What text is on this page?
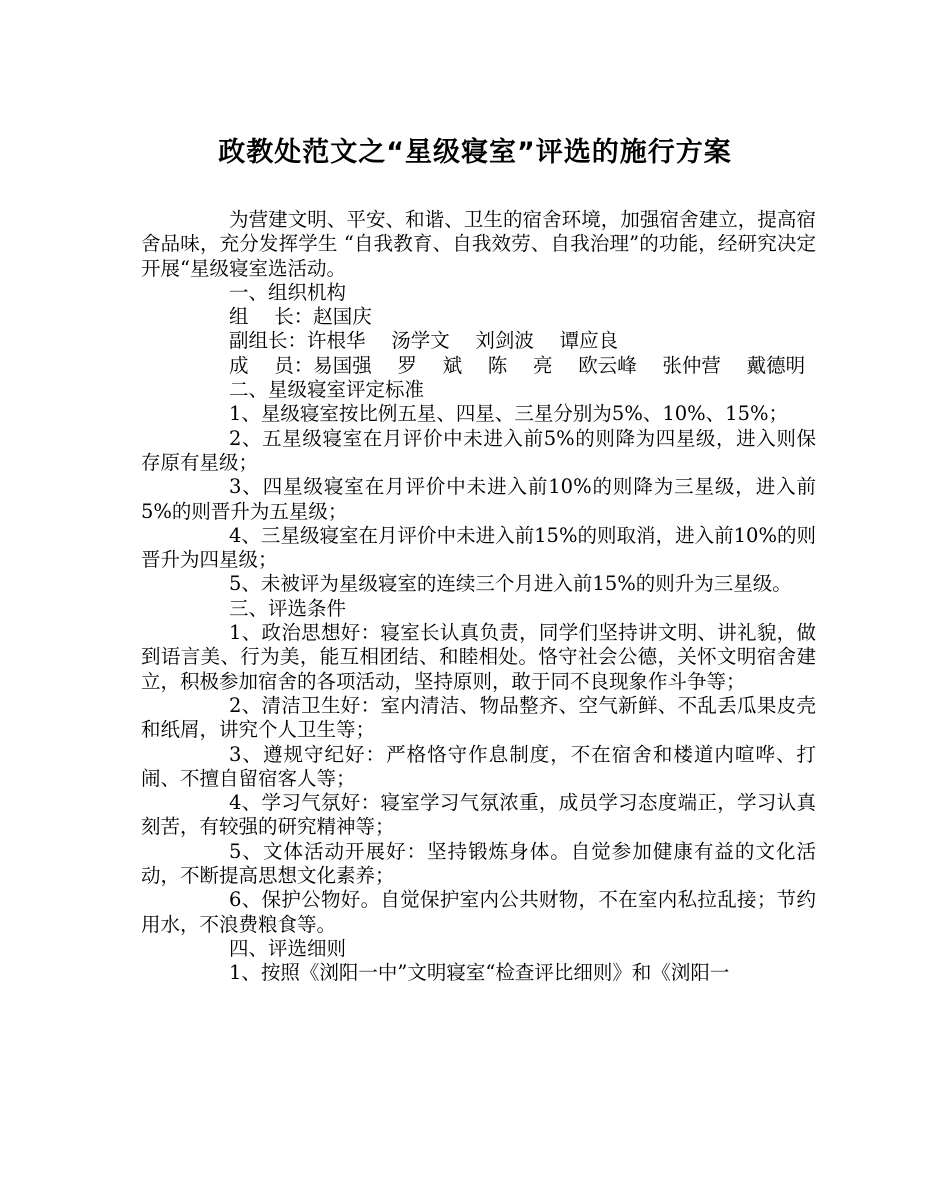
政教处范文之“星级寝室”评选的施行方案

为营建文明、平安、和谐、卫生的宿舍环境，加强宿舍建立，提高宿舍品味，充分发挥学生 “自我教育、自我效劳、自我治理”的功能，经研究决定开展“星级寝室选活动。

一、组织机构

组　 长：赵国庆

副组长：许根华　 汤学文　 刘剑波　 谭应良

成　 员：易国强　 罗　 斌　 陈　 亮　 欧云峰　 张仲营　 戴德明

二、星级寝室评定标准

1、星级寝室按比例五星、四星、三星分别为5%、10%、15%；

2、五星级寝室在月评价中未进入前5%的则降为四星级，进入则保存原有星级；

3、四星级寝室在月评价中未进入前10%的则降为三星级，进入前5%的则晋升为五星级；

4、三星级寝室在月评价中未进入前15%的则取消，进入前10%的则晋升为四星级；

5、未被评为星级寝室的连续三个月进入前15%的则升为三星级。

三、评选条件

1、政治思想好：寝室长认真负责，同学们坚持讲文明、讲礼貌，做到语言美、行为美，能互相团结、和睦相处。恪守社会公德，关怀文明宿舍建立，积极参加宿舍的各项活动，坚持原则，敢于同不良现象作斗争等；

2、清洁卫生好：室内清洁、物品整齐、空气新鲜、不乱丢瓜果皮壳和纸屑，讲究个人卫生等；

3、遵规守纪好：严格恪守作息制度，不在宿舍和楼道内喧哗、打闹、不擅自留宿客人等；

4、学习气氛好：寝室学习气氛浓重，成员学习态度端正，学习认真刻苦，有较强的研究精神等；

5、文体活动开展好：坚持锻炼身体。自觉参加健康有益的文化活动，不断提高思想文化素养；

6、保护公物好。自觉保护室内公共财物，不在室内私拉乱接；节约用水，不浪费粮食等。

四、评选细则

1、按照《浏阳一中”文明寝室“检查评比细则》和《浏阳一
